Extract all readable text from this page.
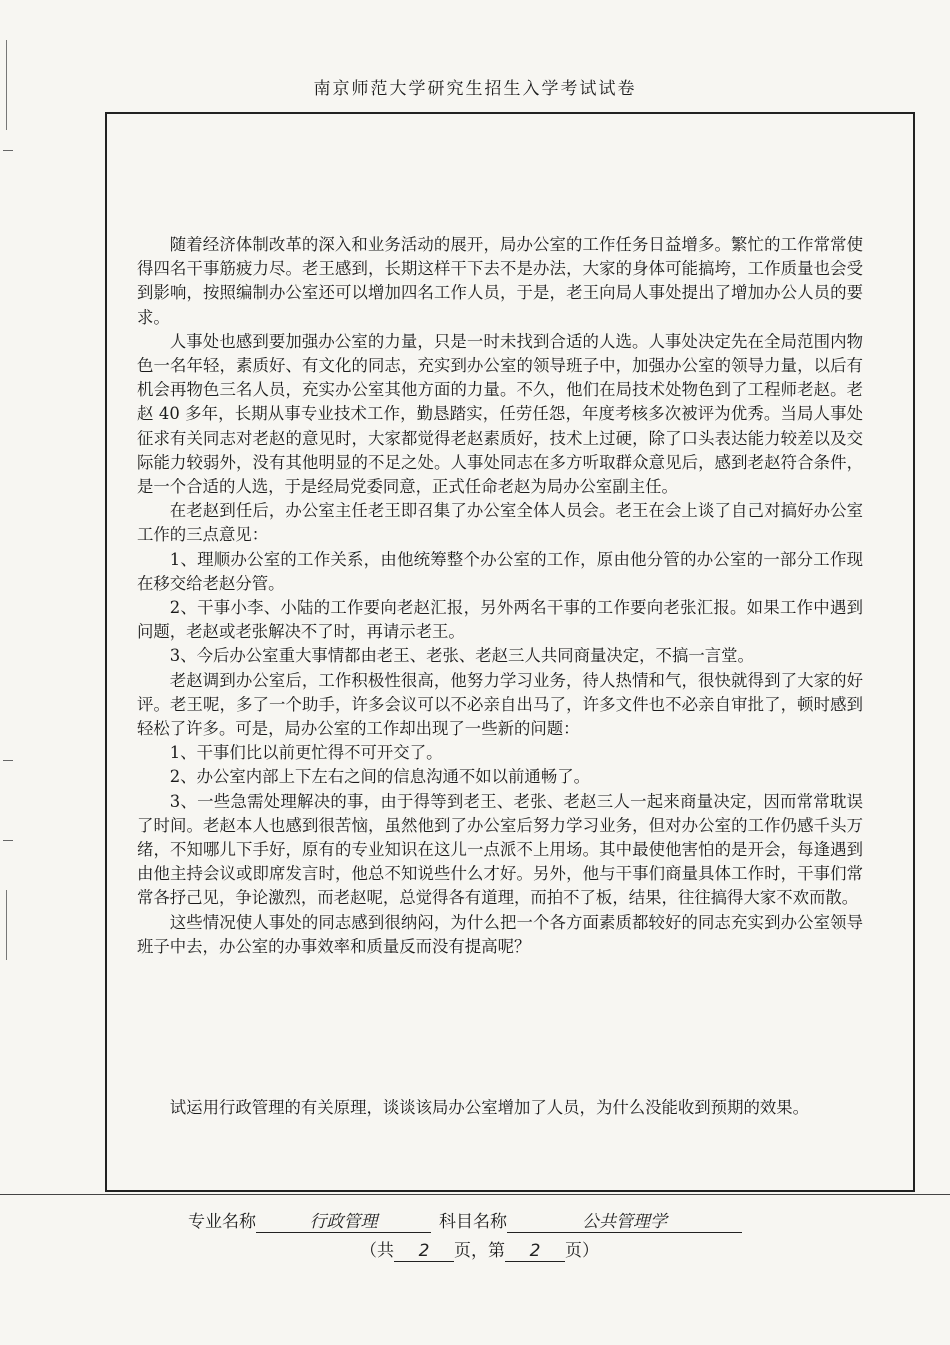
南京师范大学研究生招生入学考试试卷

随着经济体制改革的深入和业务活动的展开，局办公室的工作任务日益增多。繁忙的工作常常使得四名干事筋疲力尽。老王感到，长期这样干下去不是办法，大家的身体可能搞垮，工作质量也会受到影响，按照编制办公室还可以增加四名工作人员，于是，老王向局人事处提出了增加办公人员的要求。

人事处也感到要加强办公室的力量，只是一时未找到合适的人选。人事处决定先在全局范围内物色一名年轻，素质好、有文化的同志，充实到办公室的领导班子中，加强办公室的领导力量，以后有机会再物色三名人员，充实办公室其他方面的力量。不久，他们在局技术处物色到了工程师老赵。老赵 40 多年，长期从事专业技术工作，勤恳踏实，任劳任怨，年度考核多次被评为优秀。当局人事处征求有关同志对老赵的意见时，大家都觉得老赵素质好，技术上过硬，除了口头表达能力较差以及交际能力较弱外，没有其他明显的不足之处。人事处同志在多方听取群众意见后，感到老赵符合条件，是一个合适的人选，于是经局党委同意，正式任命老赵为局办公室副主任。

在老赵到任后，办公室主任老王即召集了办公室全体人员会。老王在会上谈了自己对搞好办公室工作的三点意见：

1、理顺办公室的工作关系，由他统筹整个办公室的工作，原由他分管的办公室的一部分工作现在移交给老赵分管。

2、干事小李、小陆的工作要向老赵汇报，另外两名干事的工作要向老张汇报。如果工作中遇到问题，老赵或老张解决不了时，再请示老王。

3、今后办公室重大事情都由老王、老张、老赵三人共同商量决定，不搞一言堂。

老赵调到办公室后，工作积极性很高，他努力学习业务，待人热情和气，很快就得到了大家的好评。老王呢，多了一个助手，许多会议可以不必亲自出马了，许多文件也不必亲自审批了，顿时感到轻松了许多。可是，局办公室的工作却出现了一些新的问题：

1、干事们比以前更忙得不可开交了。

2、办公室内部上下左右之间的信息沟通不如以前通畅了。

3、一些急需处理解决的事，由于得等到老王、老张、老赵三人一起来商量决定，因而常常耽误了时间。老赵本人也感到很苦恼，虽然他到了办公室后努力学习业务，但对办公室的工作仍感千头万绪，不知哪儿下手好，原有的专业知识在这儿一点派不上用场。其中最使他害怕的是开会，每逢遇到由他主持会议或即席发言时，他总不知说些什么才好。另外，他与干事们商量具体工作时，干事们常常各抒己见，争论激烈，而老赵呢，总觉得各有道理，而拍不了板，结果，往往搞得大家不欢而散。

这些情况使人事处的同志感到很纳闷，为什么把一个各方面素质都较好的同志充实到办公室领导班子中去，办公室的办事效率和质量反而没有提高呢？

试运用行政管理的有关原理，谈谈该局办公室增加了人员，为什么没能收到预期的效果。

专业名称	行政管理	科目名称	公共管理学
（共 2 页，第 2 页）
